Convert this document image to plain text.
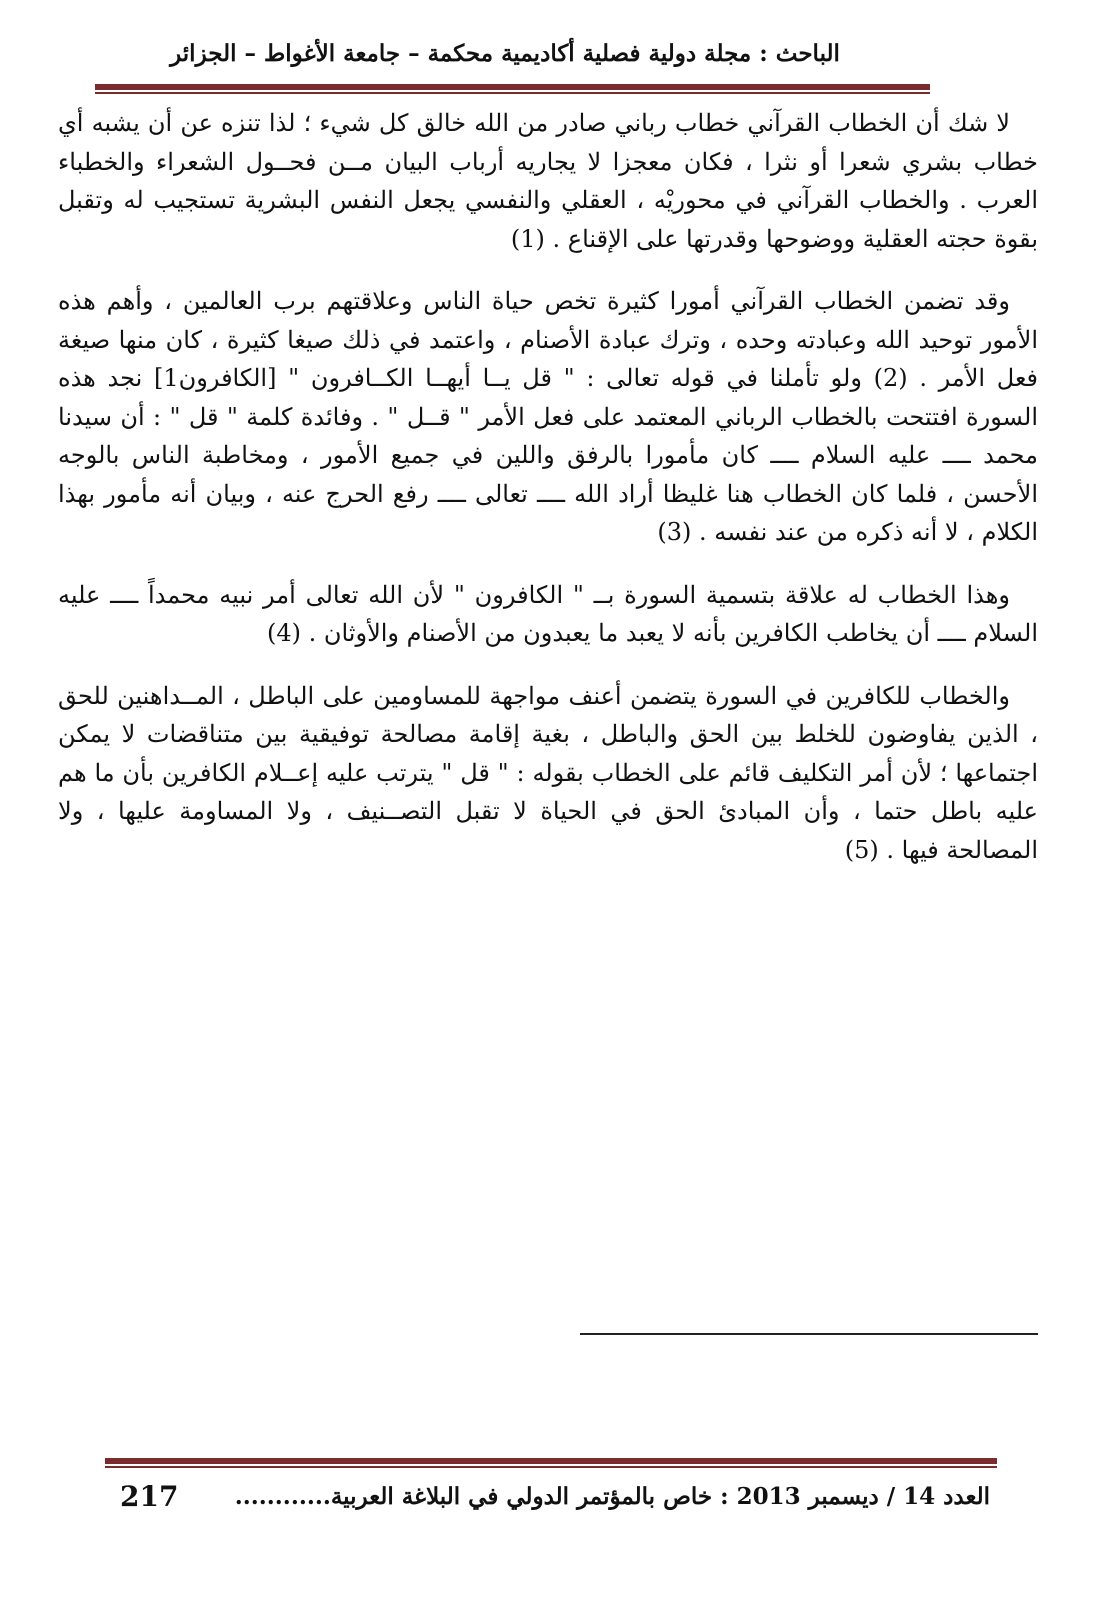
الباحث : مجلة دولية فصلية أكاديمية محكمة – جامعة الأغواط – الجزائر

لا شك أن الخطاب القرآني خطاب رباني صادر من الله خالق كل شيء ؛ لذا تنزه عن أن يشبه أي خطاب بشري شعرا أو نثرا ، فكان معجزا لا يجاريه أرباب البيان مــن فحــول الشعراء والخطباء العرب . والخطاب القرآني في محوريْه ، العقلي والنفسي يجعل النفس البشرية تستجيب له وتقبل بقوة حجته العقلية ووضوحها وقدرتها على الإقناع . (1)

وقد تضمن الخطاب القرآني أمورا كثيرة تخص حياة الناس وعلاقتهم برب العالمين ، وأهم هذه الأمور توحيد الله وعبادته وحده ، وترك عبادة الأصنام ، واعتمد في ذلك صيغا كثيرة ، كان منها صيغة فعل الأمر . (2) ولو تأملنا في قوله تعالى : " قل يــا أيهــا الكــافرون " [الكافرون1] نجد هذه السورة افتتحت بالخطاب الرباني المعتمد على فعل الأمر " قــل " . وفائدة كلمة " قل " : أن سيدنا محمد ــــ عليه السلام ــــ كان مأمورا بالرفق واللين في جميع الأمور ، ومخاطبة الناس بالوجه الأحسن ، فلما كان الخطاب هنا غليظا أراد الله ــــ تعالى ــــ رفع الحرج عنه ، وبيان أنه مأمور بهذا الكلام ، لا أنه ذكره من عند نفسه . (3)

وهذا الخطاب له علاقة بتسمية السورة بــ " الكافرون " لأن الله تعالى أمر نبيه محمداً ــــ عليه السلام ــــ أن يخاطب الكافرين بأنه لا يعبد ما يعبدون من الأصنام والأوثان . (4)

والخطاب للكافرين في السورة يتضمن أعنف مواجهة للمساومين على الباطل ، المــداهنين للحق ، الذين يفاوضون للخلط بين الحق والباطل ، بغية إقامة مصالحة توفيقية بين متناقضات لا يمكن اجتماعها ؛ لأن أمر التكليف قائم على الخطاب بقوله : " قل " يترتب عليه إعــلام الكافرين بأن ما هم عليه باطل حتما ، وأن المبادئ الحق في الحياة لا تقبل التصــنيف ، ولا المساومة عليها ، ولا المصالحة فيها . (5)

العدد 14 / ديسمبر 2013 : خاص بالمؤتمر الدولي في البلاغة العربية............
217
